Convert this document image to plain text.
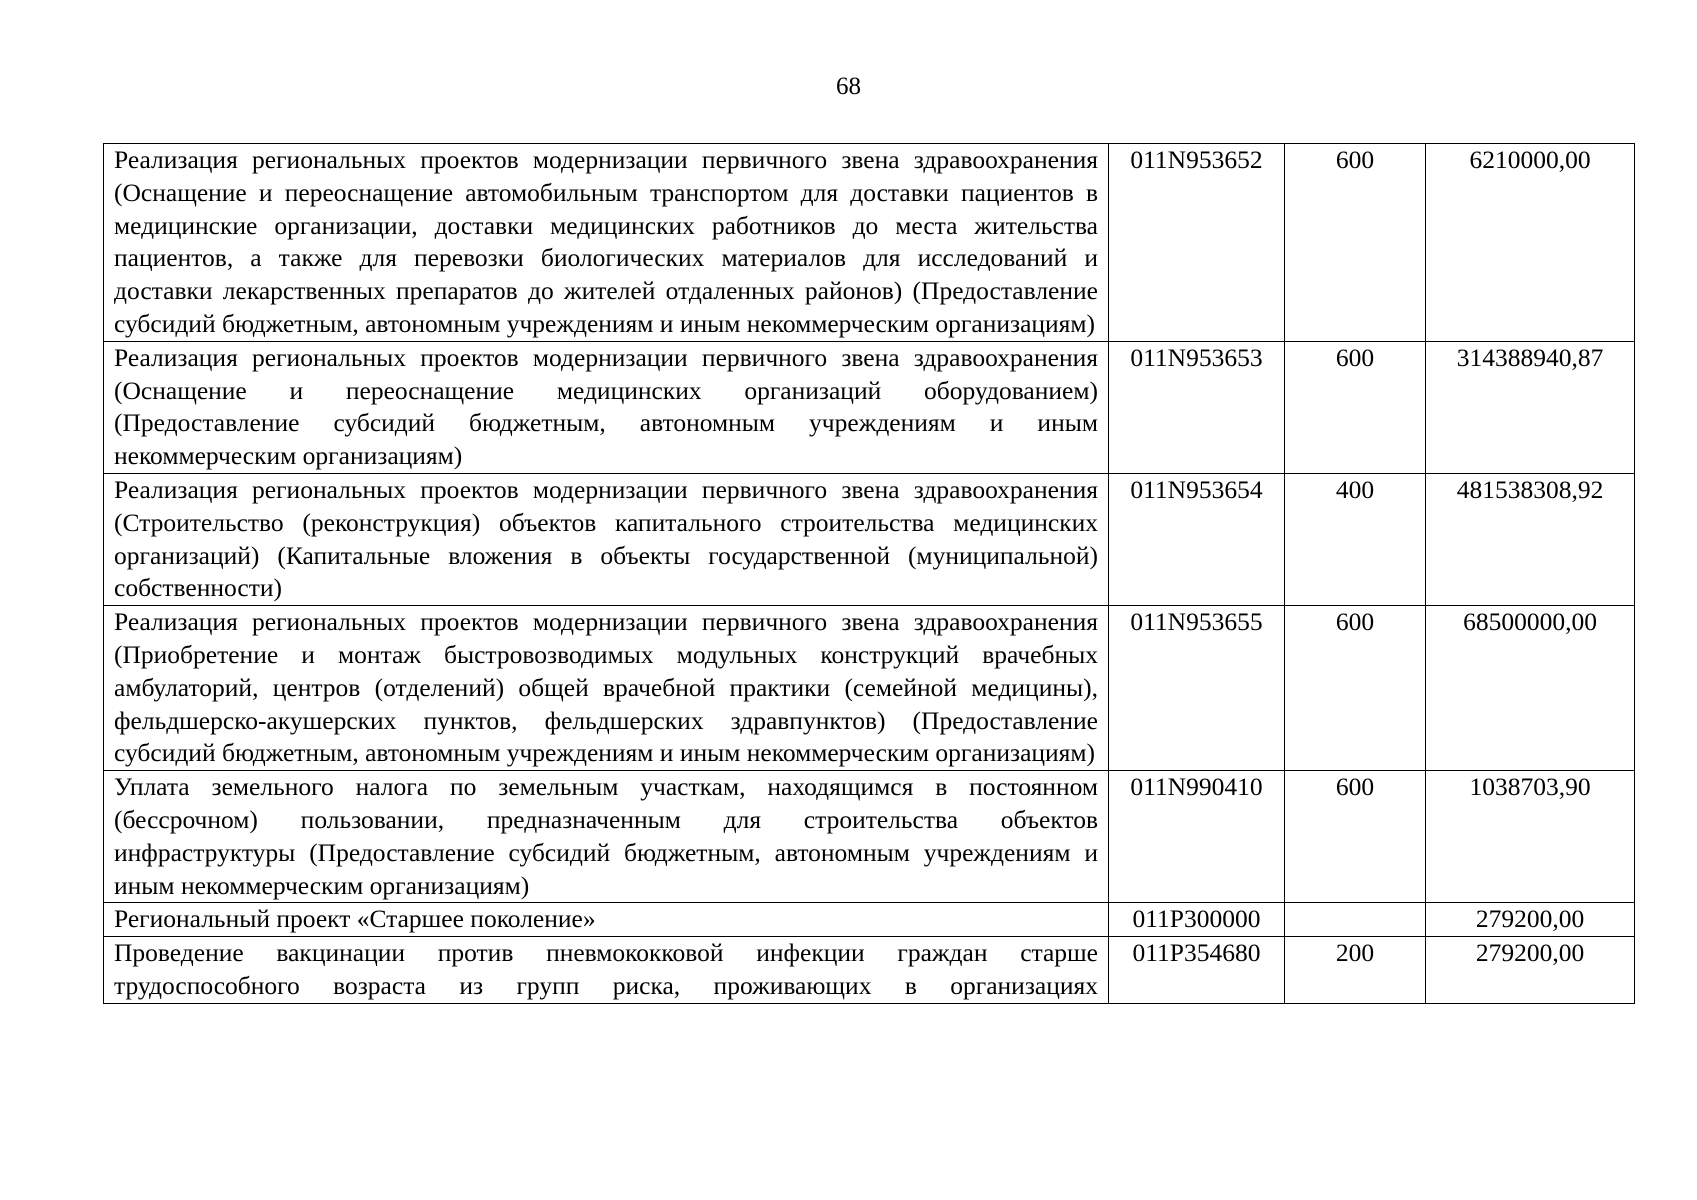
68
Реализация региональных проектов модернизации первичного звена здравоохранения (Оснащение и переоснащение автомобильным транспортом для доставки пациентов в медицинские организации, доставки медицинских работников до места жительства пациентов, а также для перевозки биологических материалов для исследований и доставки лекарственных препаратов до жителей отдаленных районов) (Предоставление субсидий бюджетным, автономным учреждениям и иным некоммерческим организациям)	011N953652	600	6210000,00
Реализация региональных проектов модернизации первичного звена здравоохранения (Оснащение и переоснащение медицинских организаций оборудованием) (Предоставление субсидий бюджетным, автономным учреждениям и иным некоммерческим организациям)	011N953653	600	314388940,87
Реализация региональных проектов модернизации первичного звена здравоохранения (Строительство (реконструкция) объектов капитального строительства медицинских организаций) (Капитальные вложения в объекты государственной (муниципальной) собственности)	011N953654	400	481538308,92
Реализация региональных проектов модернизации первичного звена здравоохранения (Приобретение и монтаж быстровозводимых модульных конструкций врачебных амбулаторий, центров (отделений) общей врачебной практики (семейной медицины), фельдшерско-акушерских пунктов, фельдшерских здравпунктов) (Предоставление субсидий бюджетным, автономным учреждениям и иным некоммерческим организациям)	011N953655	600	68500000,00
Уплата земельного налога по земельным участкам, находящимся в постоянном (бессрочном) пользовании, предназначенным для строительства объектов инфраструктуры (Предоставление субсидий бюджетным, автономным учреждениям и иным некоммерческим организациям)	011N990410	600	1038703,90
Региональный проект «Старшее поколение»	011P300000		279200,00
Проведение вакцинации против пневмококковой инфекции граждан старше трудоспособного возраста из групп риска, проживающих в организациях	011P354680	200	279200,00
